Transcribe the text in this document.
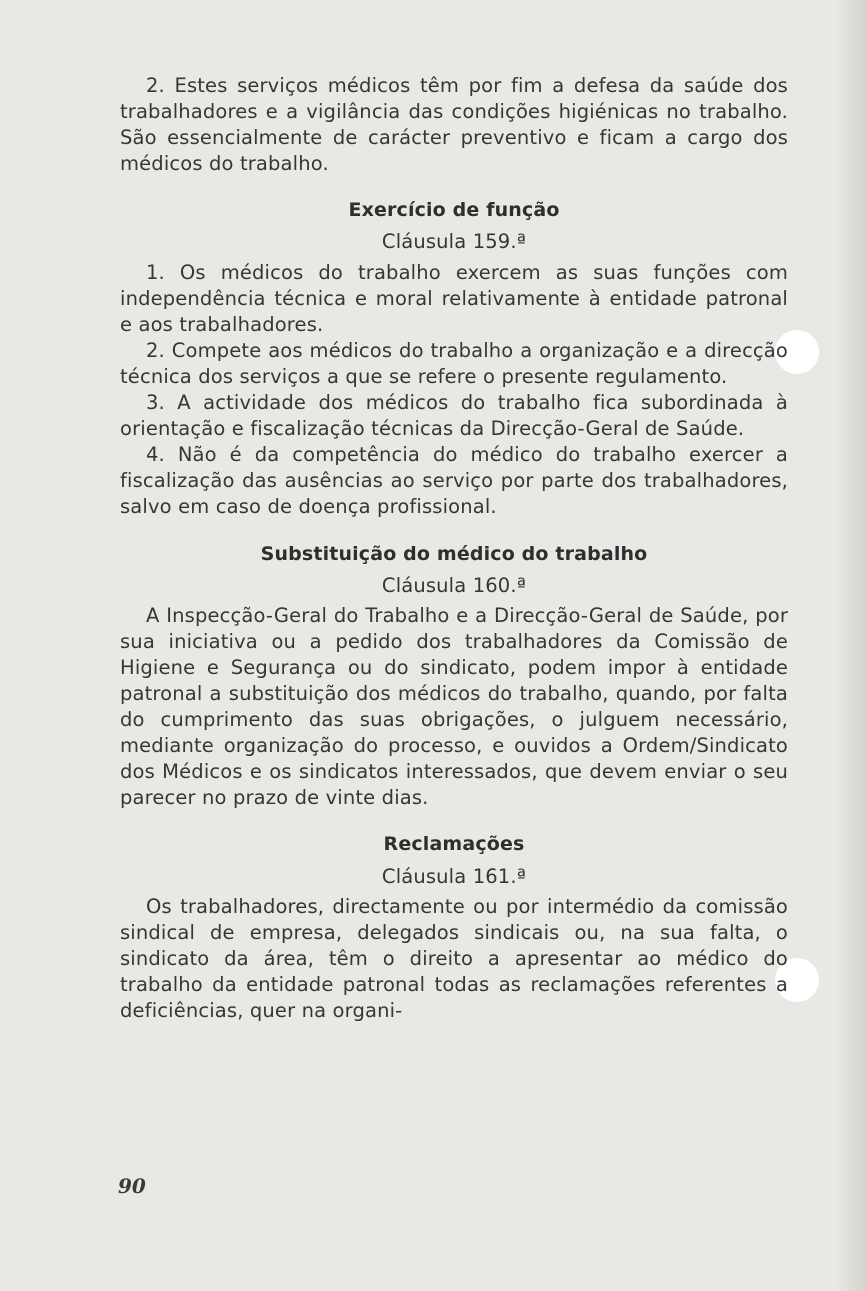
2. Estes serviços médicos têm por fim a defesa da saúde dos trabalhadores e a vigilância das condições higiénicas no trabalho. São essencialmente de carácter preventivo e ficam a cargo dos médicos do trabalho.

Exercício de função
Cláusula 159.ª

1. Os médicos do trabalho exercem as suas funções com independência técnica e moral relativamente à entidade patronal e aos trabalhadores.

2. Compete aos médicos do trabalho a organização e a direcção técnica dos serviços a que se refere o presente regulamento.

3. A actividade dos médicos do trabalho fica subordinada à orientação e fiscalização técnicas da Direcção-Geral de Saúde.

4. Não é da competência do médico do trabalho exercer a fiscalização das ausências ao serviço por parte dos trabalhadores, salvo em caso de doença profissional.

Substituição do médico do trabalho
Cláusula 160.ª

A Inspecção-Geral do Trabalho e a Direcção-Geral de Saúde, por sua iniciativa ou a pedido dos trabalhadores da Comissão de Higiene e Segurança ou do sindicato, podem impor à entidade patronal a substituição dos médicos do trabalho, quando, por falta do cumprimento das suas obrigações, o julguem necessário, mediante organização do processo, e ouvidos a Ordem/Sindicato dos Médicos e os sindicatos interessados, que devem enviar o seu parecer no prazo de vinte dias.

Reclamações
Cláusula 161.ª

Os trabalhadores, directamente ou por intermédio da comissão sindical de empresa, delegados sindicais ou, na sua falta, o sindicato da área, têm o direito a apresentar ao médico do trabalho da entidade patronal todas as reclamações referentes a deficiências, quer na organi-

90
